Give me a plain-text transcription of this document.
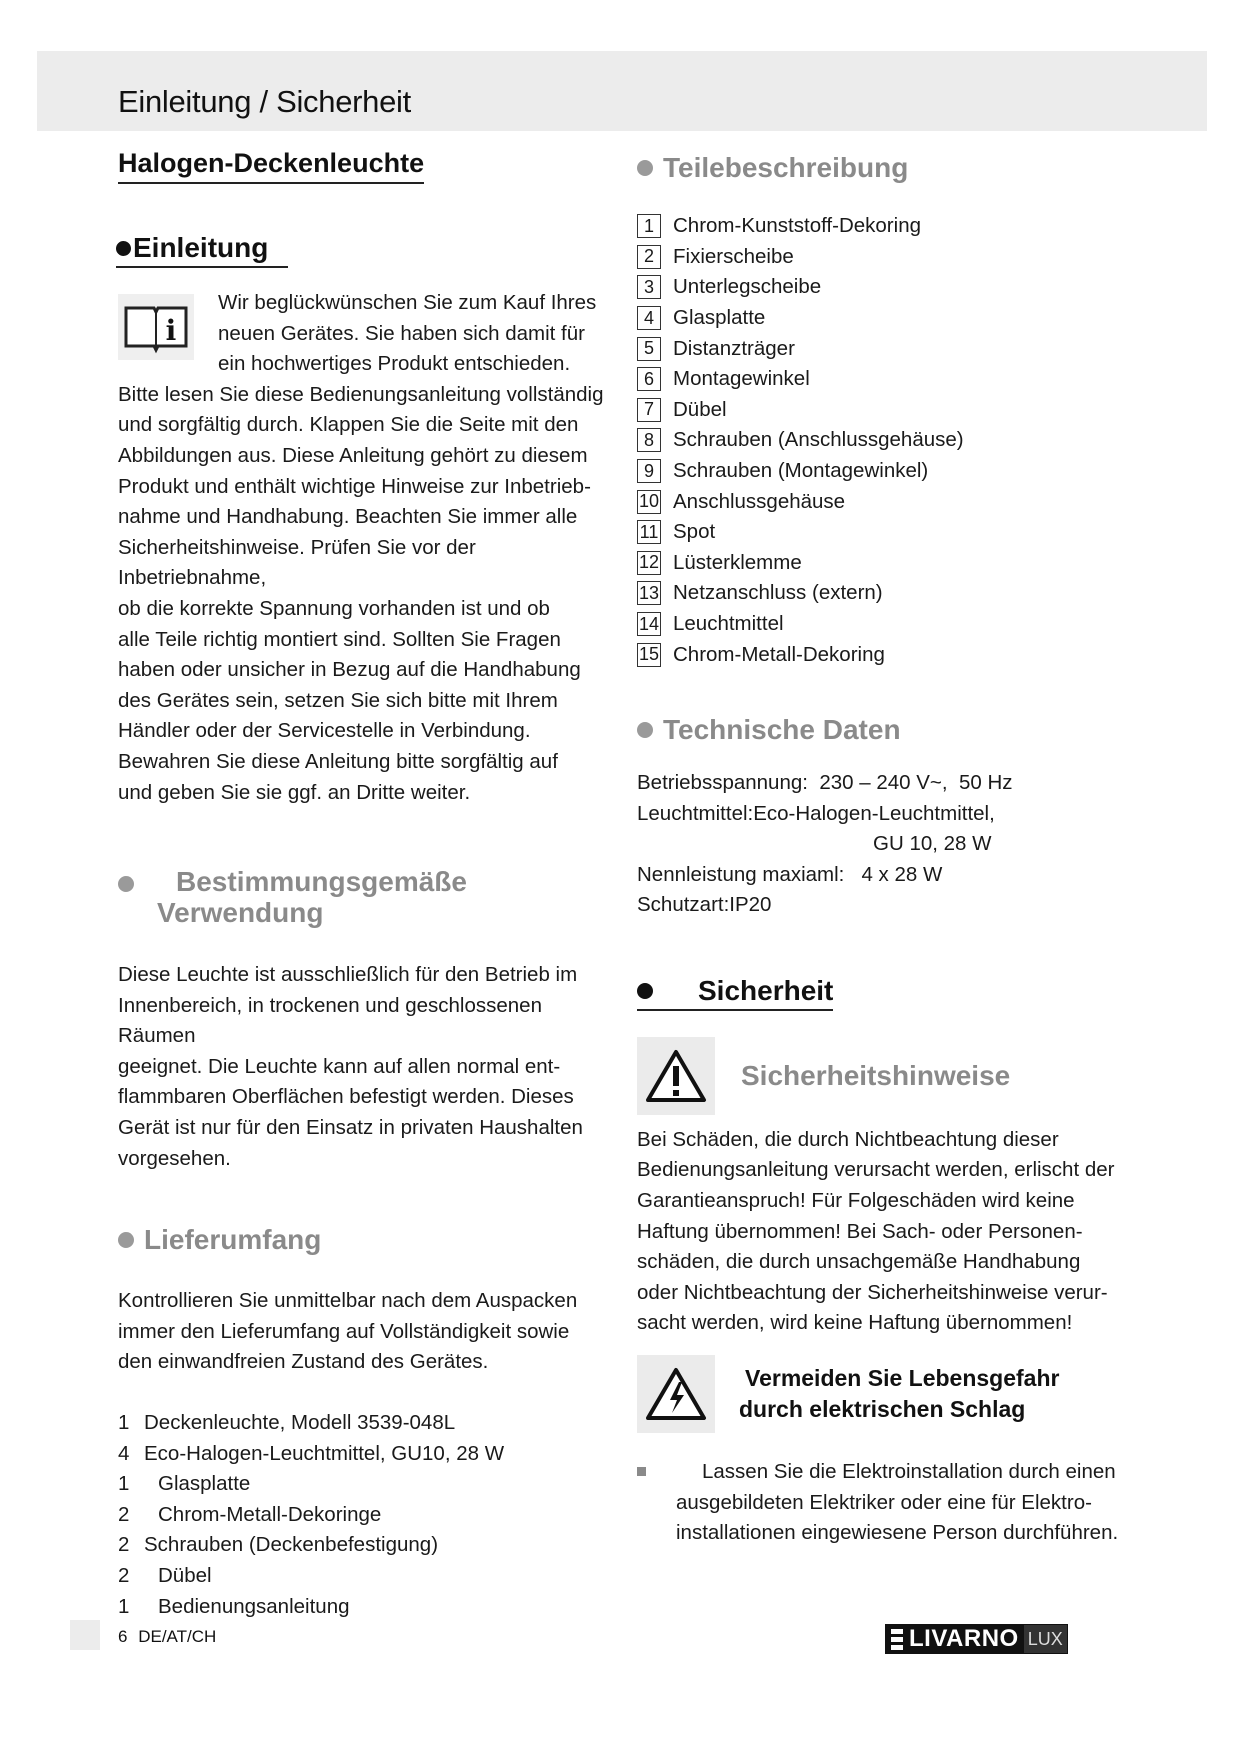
Einleitung / Sicherheit
Halogen-Deckenleuchte
Einleitung
i

Wir beglückwünschen Sie zum Kauf Ihres

neuen Gerätes. Sie haben sich damit für

ein hochwertiges Produkt entschieden.

Bitte lesen Sie diese Bedienungsanleitung vollständig

und sorgfältig durch. Klappen Sie die Seite mit den

Abbildungen aus. Diese Anleitung gehört zu diesem

Produkt und enthält wichtige Hinweise zur Inbetrieb-

nahme und Handhabung. Beachten Sie immer alle

Sicherheitshinweise. Prüfen Sie vor der Inbetriebnahme,

ob die korrekte Spannung vorhanden ist und ob

alle Teile richtig montiert sind. Sollten Sie Fragen

haben oder unsicher in Bezug auf die Handhabung

des Gerätes sein, setzen Sie sich bitte mit Ihrem

Händler oder der Servicestelle in Verbindung.

Bewahren Sie diese Anleitung bitte sorgfältig auf

und geben Sie sie ggf. an Dritte weiter.

Bestimmungsgemäße
Verwendung

Diese Leuchte ist ausschließlich für den Betrieb im

Innenbereich, in trockenen und geschlossenen Räumen

geeignet. Die Leuchte kann auf allen normal ent-

flammbaren Oberflächen befestigt werden. Dieses

Gerät ist nur für den Einsatz in privaten Haushalten

vorgesehen.

Lieferumfang

Kontrollieren Sie unmittelbar nach dem Auspacken

immer den Lieferumfang auf Vollständigkeit sowie

den einwandfreien Zustand des Gerätes.

1 Deckenleuchte, Modell 3539-048L
4 Eco-Halogen-Leuchtmittel, GU10, 28 W
1 Glasplatte
2 Chrom-Metall-Dekoringe
2 Schrauben (Deckenbefestigung)
2 Dübel
1 Bedienungsanleitung
Teilebeschreibung
1 Chrom-Kunststoff-Dekoring
2 Fixierscheibe
3 Unterlegscheibe
4 Glasplatte
5 Distanzträger
6 Montagewinkel
7 Dübel
8 Schrauben (Anschlussgehäuse)
9 Schrauben (Montagewinkel)
10 Anschlussgehäuse
11 Spot
12 Lüsterklemme
13 Netzanschluss (extern)
14 Leuchtmittel
15 Chrom-Metall-Dekoring
Technische Daten

Betriebsspannung:  230 – 240 V~,  50 Hz

Leuchtmittel:Eco-Halogen-Leuchtmittel,

GU 10, 28 W

Nennleistung maxiaml:   4 x 28 W

Schutzart:IP20

Sicherheit
Sicherheitshinweise

Bei Schäden, die durch Nichtbeachtung dieser

Bedienungsanleitung verursacht werden, erlischt der

Garantieanspruch! Für Folgeschäden wird keine

Haftung übernommen! Bei Sach- oder Personen-

schäden, die durch unsachgemäße Handhabung

oder Nichtbeachtung der Sicherheitshinweise verur-

sacht werden, wird keine Haftung übernommen!

Vermeiden Sie Lebensgefahr
durch elektrischen Schlag

Lassen Sie die Elektroinstallation durch einen

ausgebildeten Elektriker oder eine für Elektro-

installationen eingewiesene Person durchführen.

6 DE/AT/CH	LIVARNO LUX
